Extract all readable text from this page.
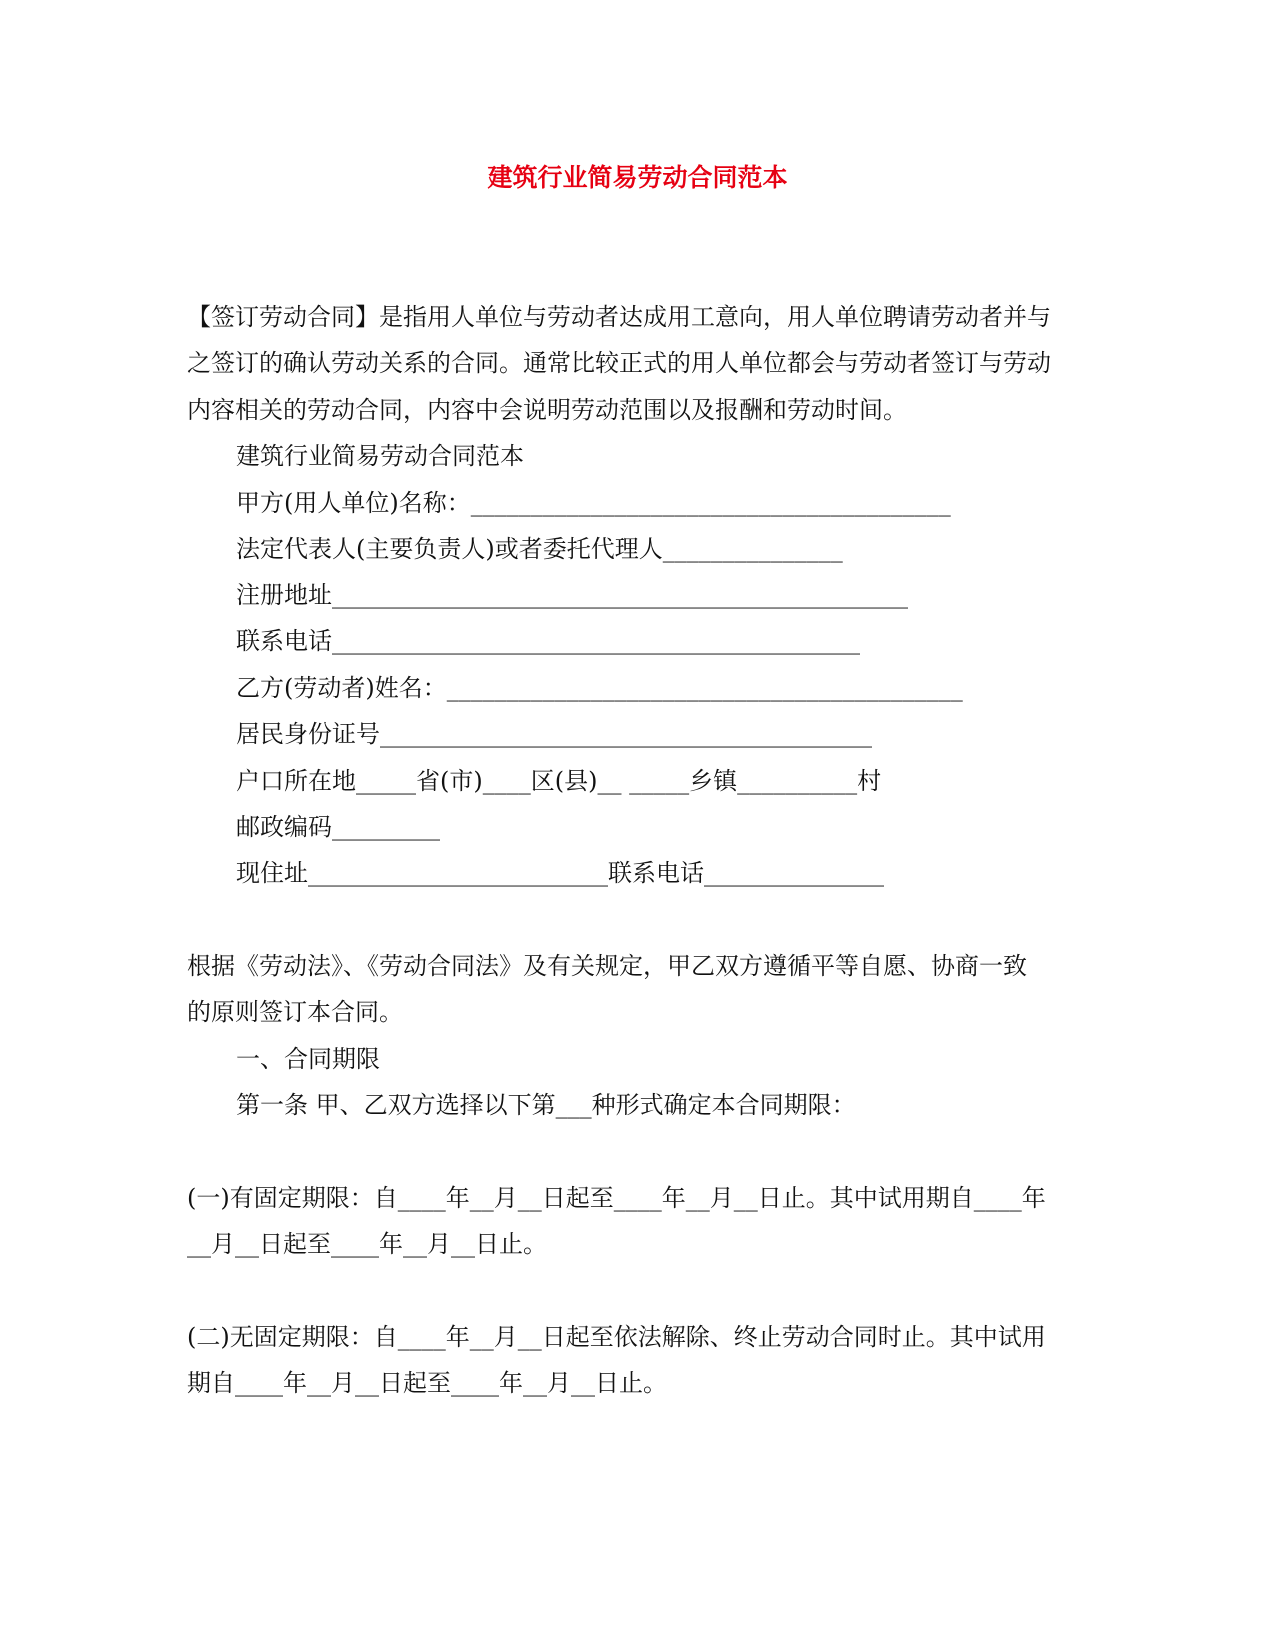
建筑行业简易劳动合同范本
【签订劳动合同】是指用人单位与劳动者达成用工意向，用人单位聘请劳动者并与
之签订的确认劳动关系的合同。通常比较正式的用人单位都会与劳动者签订与劳动
内容相关的劳动合同，内容中会说明劳动范围以及报酬和劳动时间。
建筑行业简易劳动合同范本
甲方(用人单位)名称：________________________________________
法定代表人(主要负责人)或者委托代理人_______________
注册地址________________________________________________
联系电话____________________________________________
乙方(劳动者)姓名：___________________________________________
居民身份证号_________________________________________
户口所在地_____省(市)____区(县)__ _____乡镇__________村
邮政编码_________
现住址_________________________联系电话_______________
根据《劳动法》、《劳动合同法》及有关规定，甲乙双方遵循平等自愿、协商一致
的原则签订本合同。
一、合同期限
第一条 甲、乙双方选择以下第___种形式确定本合同期限：
(一)有固定期限：自____年__月__日起至____年__月__日止。其中试用期自____年
__月__日起至____年__月__日止。
(二)无固定期限：自____年__月__日起至依法解除、终止劳动合同时止。其中试用
期自____年__月__日起至____年__月__日止。
